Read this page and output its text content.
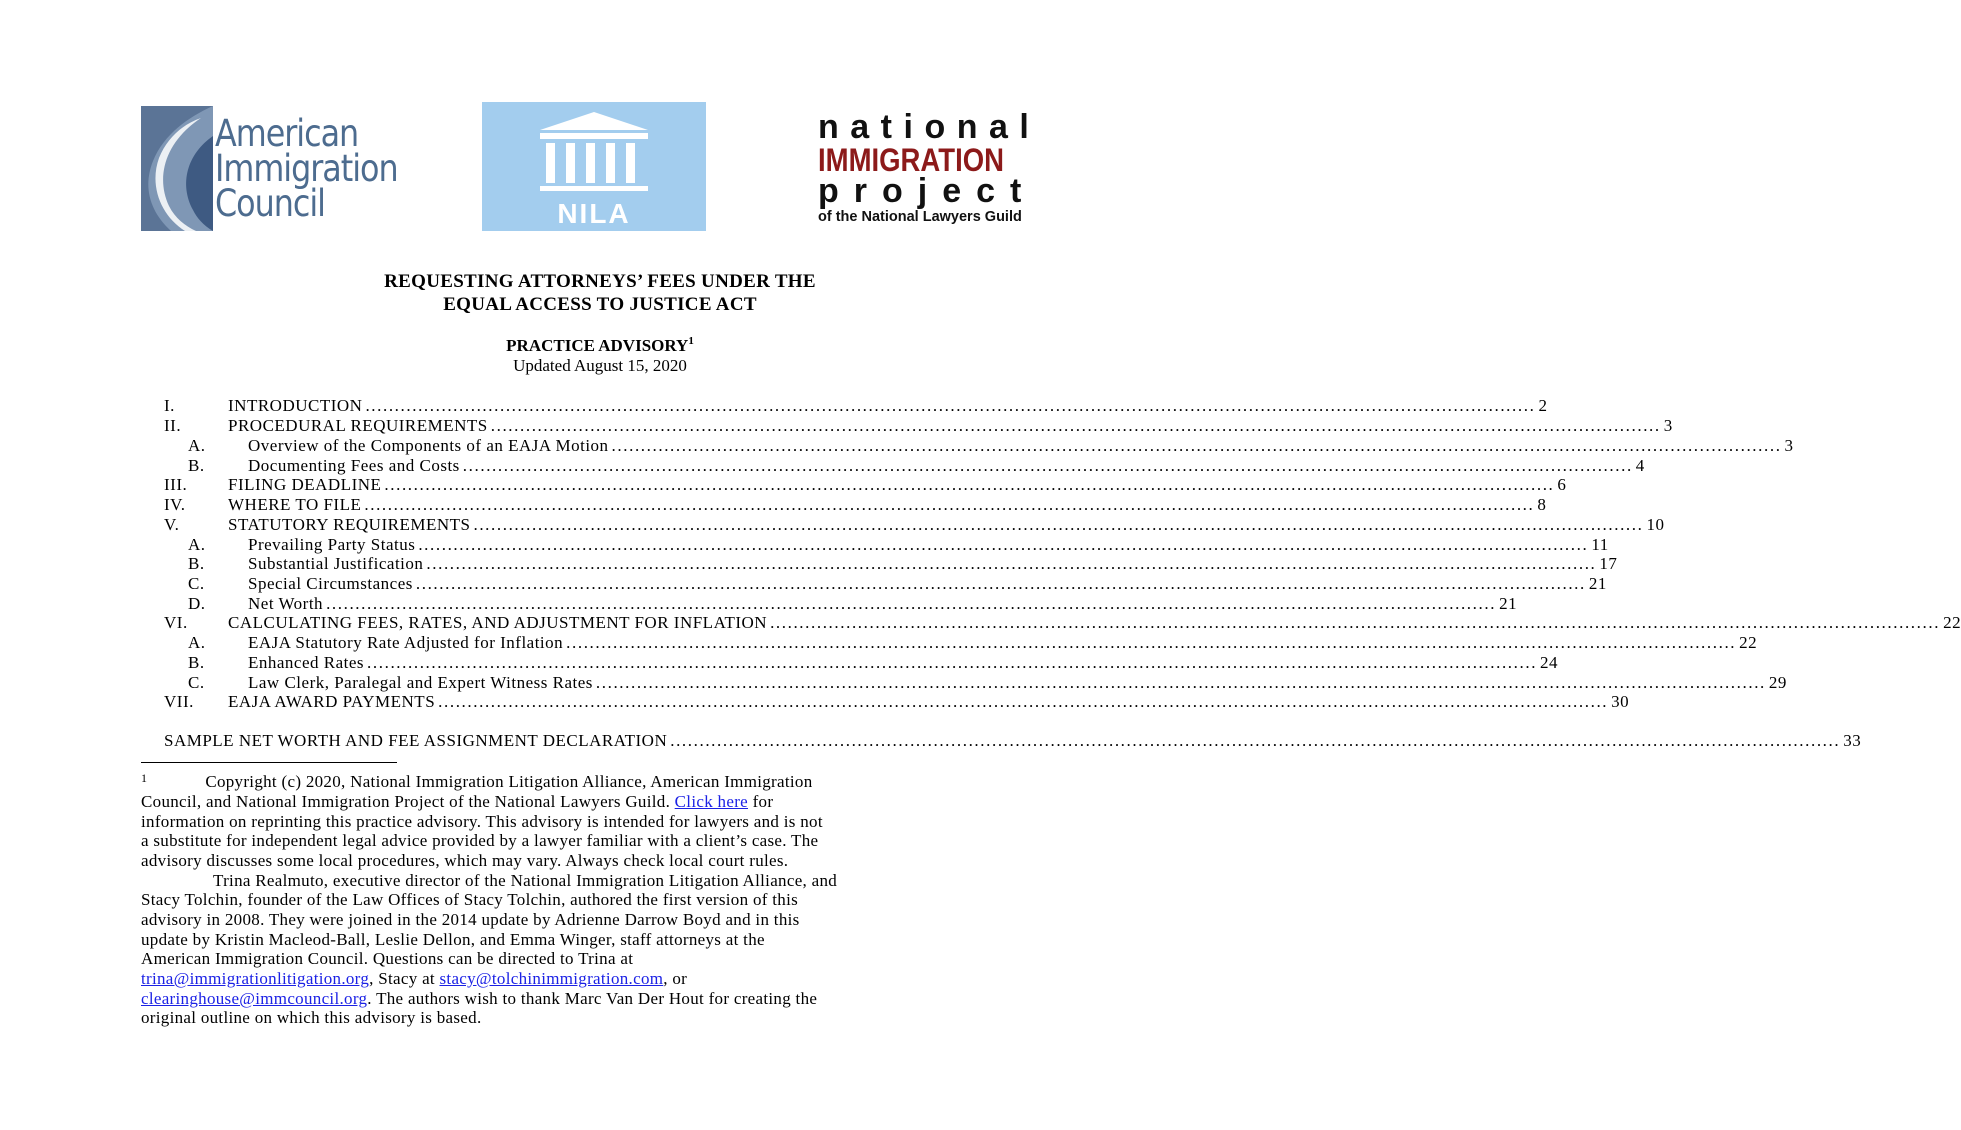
American
Immigration
Council	NILA
national
IMMIGRATION
project
of the National Lawyers Guild
REQUESTING ATTORNEYS’ FEES UNDER THE
EQUAL ACCESS TO JUSTICE ACT
PRACTICE ADVISORY$^1$
Updated August 15, 2020
I.	INTRODUCTION ........................................................................................................................................................................................................ 2
II.	PROCEDURAL REQUIREMENTS ........................................................................................................................................................................................................ 3
A.	Overview of the Components of an EAJA Motion ........................................................................................................................................................................................................ 3
B.	Documenting Fees and Costs ........................................................................................................................................................................................................ 4
III.	FILING DEADLINE ........................................................................................................................................................................................................ 6
IV.	WHERE TO FILE ........................................................................................................................................................................................................ 8
V.	STATUTORY REQUIREMENTS ........................................................................................................................................................................................................ 10
A.	Prevailing Party Status ........................................................................................................................................................................................................ 11
B.	Substantial Justification ........................................................................................................................................................................................................ 17
C.	Special Circumstances ........................................................................................................................................................................................................ 21
D.	Net Worth ........................................................................................................................................................................................................ 21
VI.	CALCULATING FEES, RATES, AND ADJUSTMENT FOR INFLATION ........................................................................................................................................................................................................ 22
A.	EAJA Statutory Rate Adjusted for Inflation ........................................................................................................................................................................................................ 22
B.	Enhanced Rates ........................................................................................................................................................................................................ 24
C.	Law Clerk, Paralegal and Expert Witness Rates ........................................................................................................................................................................................................ 29
VII.	EAJA AWARD PAYMENTS ........................................................................................................................................................................................................ 30
SAMPLE NET WORTH AND FEE ASSIGNMENT DECLARATION ........................................................................................................................................................................................................ 33
$^1$	Copyright (c) 2020, National Immigration Litigation Alliance, American Immigration
Council, and National Immigration Project of the National Lawyers Guild. Click here for
information on reprinting this practice advisory. This advisory is intended for lawyers and is not
a substitute for independent legal advice provided by a lawyer familiar with a client’s case. The
advisory discusses some local procedures, which may vary. Always check local court rules.
Trina Realmuto, executive director of the National Immigration Litigation Alliance, and
Stacy Tolchin, founder of the Law Offices of Stacy Tolchin, authored the first version of this
advisory in 2008. They were joined in the 2014 update by Adrienne Darrow Boyd and in this
update by Kristin Macleod-Ball, Leslie Dellon, and Emma Winger, staff attorneys at the
American Immigration Council. Questions can be directed to Trina at
trina@immigrationlitigation.org, Stacy at stacy@tolchinimmigration.com, or
clearinghouse@immcouncil.org. The authors wish to thank Marc Van Der Hout for creating the
original outline on which this advisory is based.
